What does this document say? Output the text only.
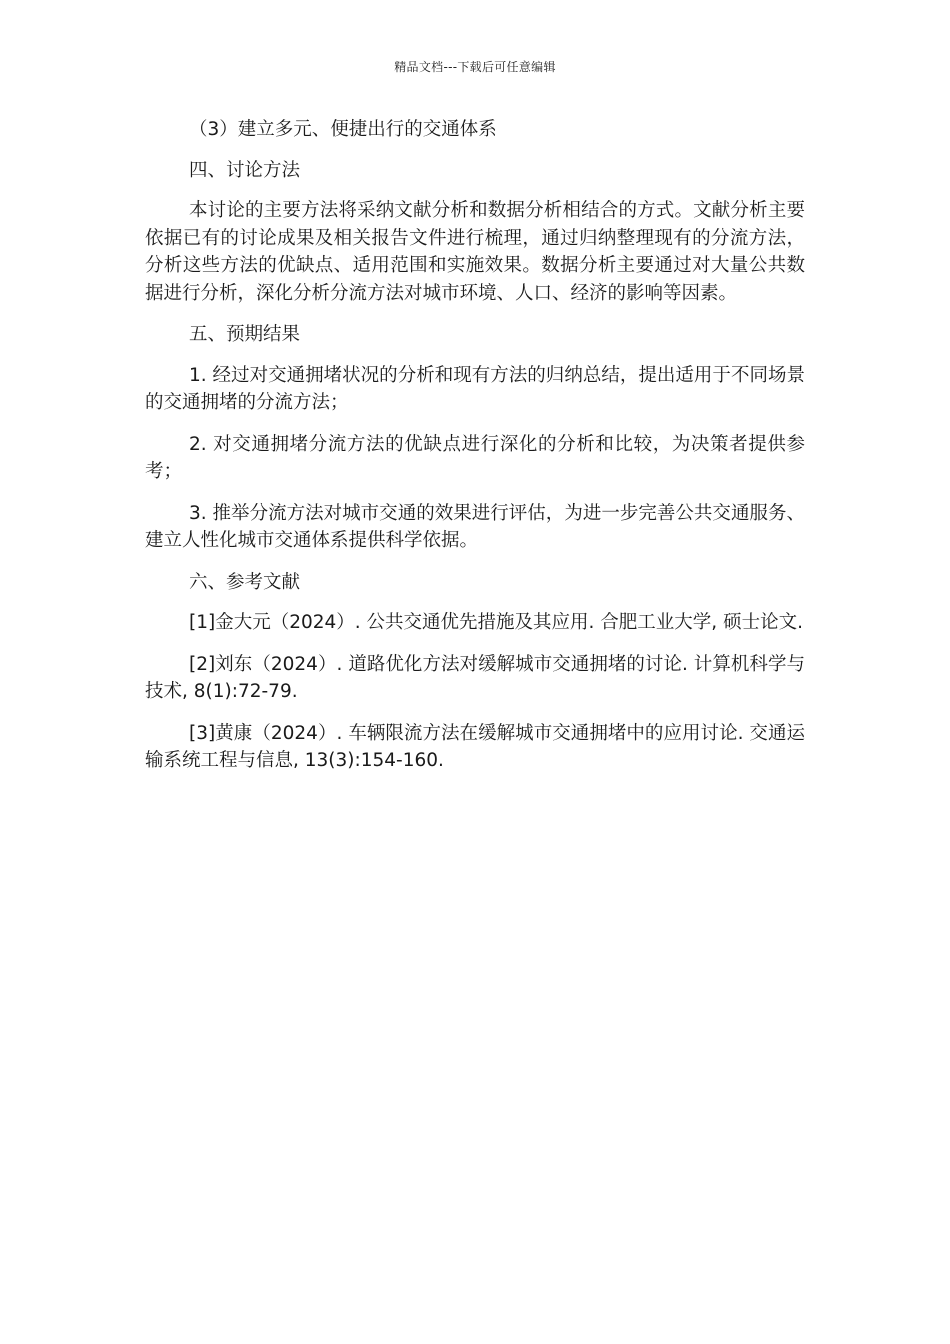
精品文档---下载后可任意编辑

（3）建立多元、便捷出行的交通体系

四、讨论方法

本讨论的主要方法将采纳文献分析和数据分析相结合的方式。文献分析主要依据已有的讨论成果及相关报告文件进行梳理，通过归纳整理现有的分流方法，分析这些方法的优缺点、适用范围和实施效果。数据分析主要通过对大量公共数据进行分析，深化分析分流方法对城市环境、人口、经济的影响等因素。

五、预期结果

1. 经过对交通拥堵状况的分析和现有方法的归纳总结，提出适用于不同场景的交通拥堵的分流方法；

2. 对交通拥堵分流方法的优缺点进行深化的分析和比较，为决策者提供参考；

3. 推举分流方法对城市交通的效果进行评估，为进一步完善公共交通服务、建立人性化城市交通体系提供科学依据。

六、参考文献

[1]金大元（2024）. 公共交通优先措施及其应用. 合肥工业大学, 硕士论文.

[2]刘东（2024）. 道路优化方法对缓解城市交通拥堵的讨论. 计算机科学与技术, 8(1):72-79.

[3]黄康（2024）. 车辆限流方法在缓解城市交通拥堵中的应用讨论. 交通运输系统工程与信息, 13(3):154-160.
